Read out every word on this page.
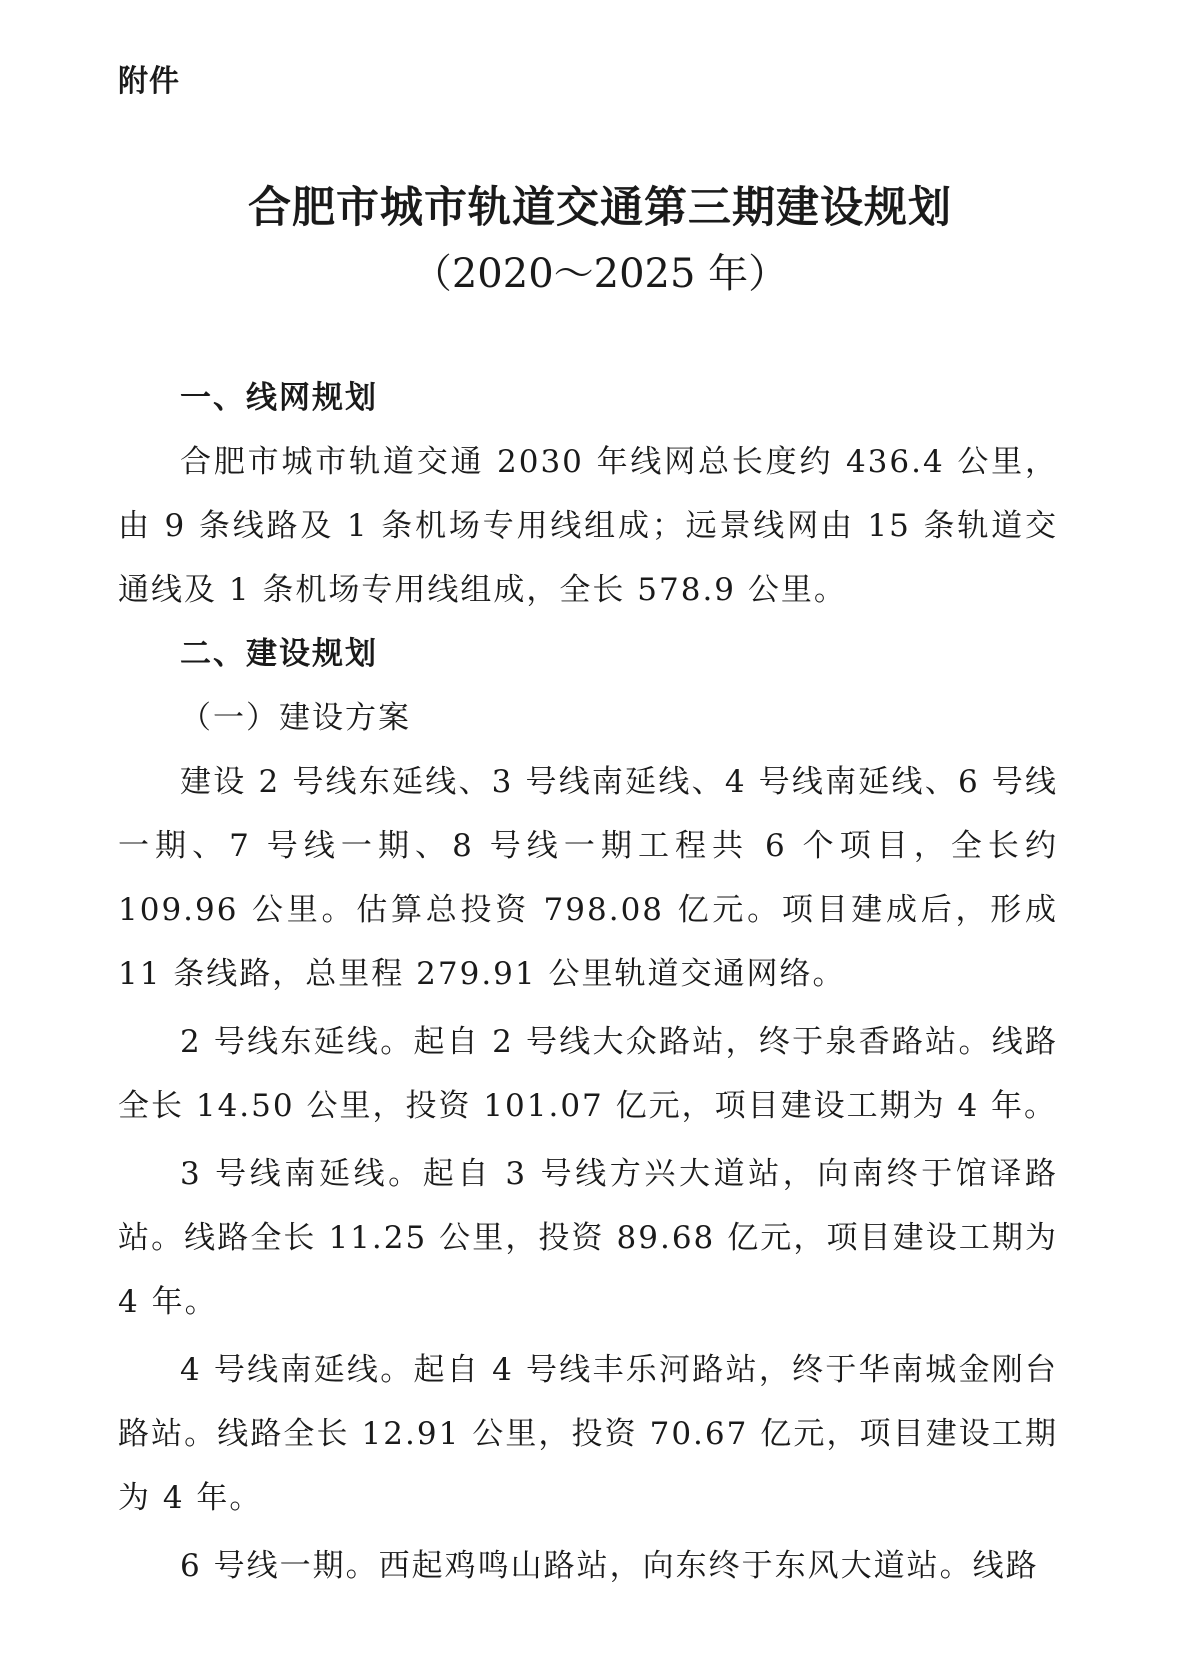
附件
合肥市城市轨道交通第三期建设规划
（2020～2025 年）

一、线网规划

合肥市城市轨道交通 2030 年线网总长度约 436.4 公里，由 9 条线路及 1 条机场专用线组成；远景线网由 15 条轨道交通线及 1 条机场专用线组成，全长 578.9 公里。

二、建设规划

（一）建设方案

建设 2 号线东延线、3 号线南延线、4 号线南延线、6 号线一期、7 号线一期、8 号线一期工程共 6 个项目，全长约 109.96 公里。估算总投资 798.08 亿元。项目建成后，形成 11 条线路，总里程 279.91 公里轨道交通网络。

2 号线东延线。起自 2 号线大众路站，终于泉香路站。线路全长 14.50 公里，投资 101.07 亿元，项目建设工期为 4 年。

3 号线南延线。起自 3 号线方兴大道站，向南终于馆译路站。线路全长 11.25 公里，投资 89.68 亿元，项目建设工期为 4 年。

4 号线南延线。起自 4 号线丰乐河路站，终于华南城金刚台路站。线路全长 12.91 公里，投资 70.67 亿元，项目建设工期为 4 年。

6 号线一期。西起鸡鸣山路站，向东终于东风大道站。线路
